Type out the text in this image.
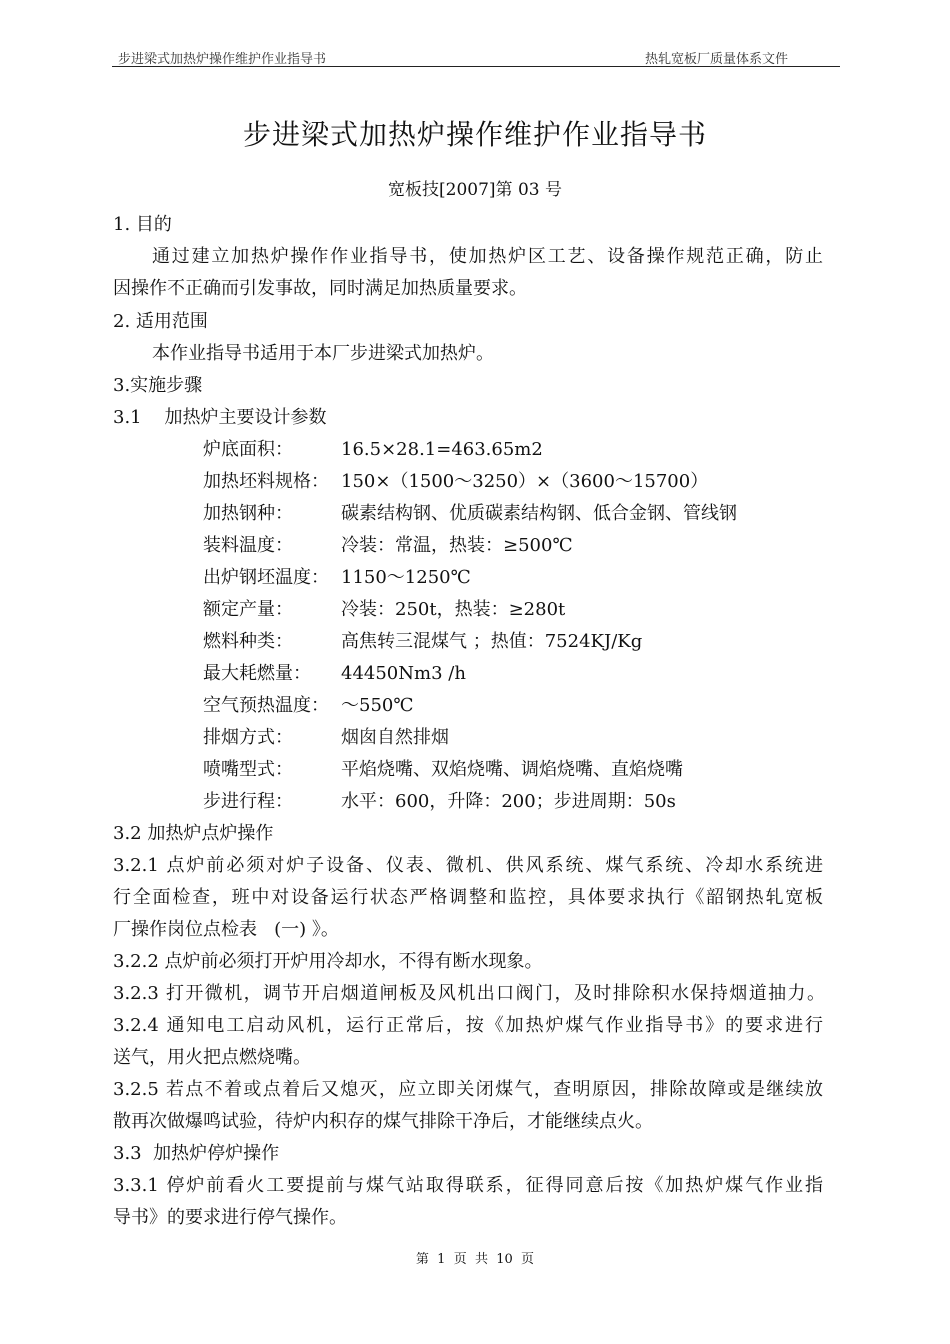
步进梁式加热炉操作维护作业指导书	热轧宽板厂质量体系文件
步进梁式加热炉操作维护作业指导书
宽板技[2007]第 03 号
1. 目的
通过建立加热炉操作作业指导书，使加热炉区工艺、设备操作规范正确，防止
因操作不正确而引发事故，同时满足加热质量要求。
2. 适用范围
本作业指导书适用于本厂步进梁式加热炉。
3.实施步骤
3.1    加热炉主要设计参数
炉底面积：	16.5×28.1=463.65m2
加热坯料规格： 150×（1500～3250）×（3600～15700）
加热钢种：	碳素结构钢、优质碳素结构钢、低合金钢、管线钢
装料温度：	冷装：常温，热装：≥500℃
出炉钢坯温度： 1150～1250℃
额定产量：	冷装：250t，热装：≥280t
燃料种类：	高焦转三混煤气 ；热值：7524KJ/Kg
最大耗燃量： 44450Nm3 /h
空气预热温度： ～550℃
排烟方式：	烟囱自然排烟
喷嘴型式：	平焰烧嘴、双焰烧嘴、调焰烧嘴、直焰烧嘴
步进行程：	水平：600，升降：200；步进周期：50s
3.2 加热炉点炉操作
3.2.1 点炉前必须对炉子设备、仪表、微机、供风系统、煤气系统、冷却水系统进
行全面检查，班中对设备运行状态严格调整和监控，具体要求执行《韶钢热轧宽板
厂操作岗位点检表   (一) 》。
3.2.2 点炉前必须打开炉用冷却水，不得有断水现象。
3.2.3 打开微机，调节开启烟道闸板及风机出口阀门，及时排除积水保持烟道抽力。
3.2.4 通知电工启动风机，运行正常后，按《加热炉煤气作业指导书》的要求进行
送气，用火把点燃烧嘴。
3.2.5 若点不着或点着后又熄灭，应立即关闭煤气，查明原因，排除故障或是继续放
散再次做爆鸣试验，待炉内积存的煤气排除干净后，才能继续点火。
3.3  加热炉停炉操作
3.3.1 停炉前看火工要提前与煤气站取得联系，征得同意后按《加热炉煤气作业指
导书》的要求进行停气操作。
第  1  页  共  10  页
